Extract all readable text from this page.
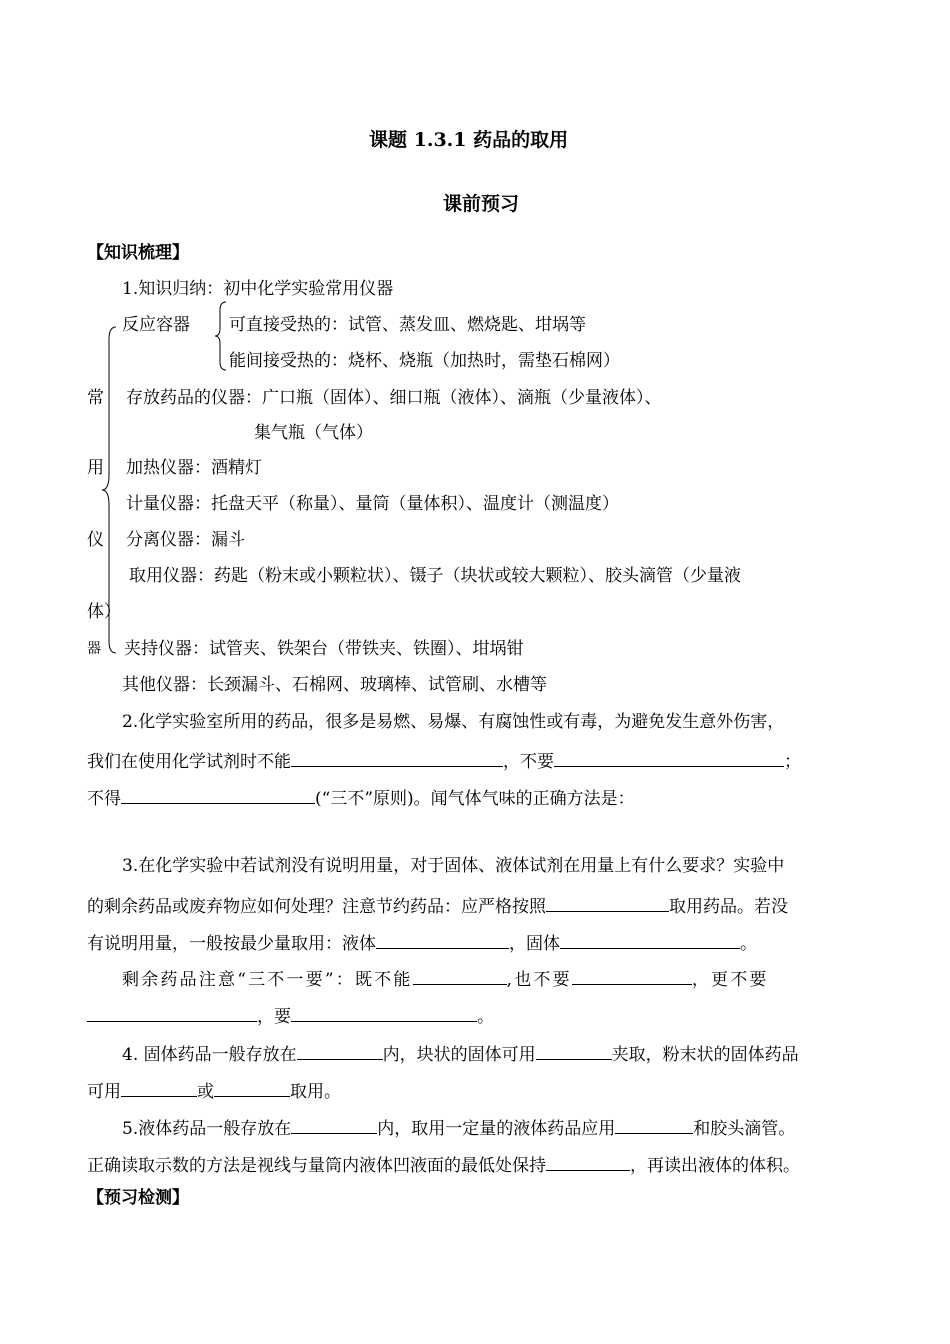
课题 1.3.1 药品的取用
课前预习
【知识梳理】
1.知识归纳：初中化学实验常用仪器
常
用
仪
器
反应容器 可直接受热的：试管、蒸发皿、燃烧匙、坩埚等
能间接受热的：烧杯、烧瓶（加热时，需垫石棉网）
存放药品的仪器：广口瓶（固体）、细口瓶（液体）、滴瓶（少量液体）、
集气瓶（气体）
加热仪器：酒精灯
计量仪器：托盘天平（称量）、量筒（量体积）、温度计（测温度）
分离仪器：漏斗
取用仪器：药匙（粉末或小颗粒状）、镊子（块状或较大颗粒）、胶头滴管（少量液
体）
夹持仪器：试管夹、铁架台（带铁夹、铁圈）、坩埚钳
其他仪器：长颈漏斗、石棉网、玻璃棒、试管刷、水槽等
2.化学实验室所用的药品，很多是易燃、易爆、有腐蚀性或有毒，为避免发生意外伤害，
我们在使用化学试剂时不能	，不要	；
不得	(“三不”原则)。闻气体气味的正确方法是：
3.在化学实验中若试剂没有说明用量，对于固体、液体试剂在用量上有什么要求？实验中
的剩余药品或废弃物应如何处理？注意节约药品：应严格按照	取用药品。若没
有说明用量，一般按最少量取用：液体	，固体	。
剩余药品注意“三不一要”：既不能	,也不要	，更不要
，要	。
4. 固体药品一般存放在	内，块状的固体可用	夹取，粉末状的固体药品
可用	或	取用。
5.液体药品一般存放在	内，取用一定量的液体药品应用	和胶头滴管。
正确读取示数的方法是视线与量筒内液体凹液面的最低处保持	，再读出液体的体积。
【预习检测】
